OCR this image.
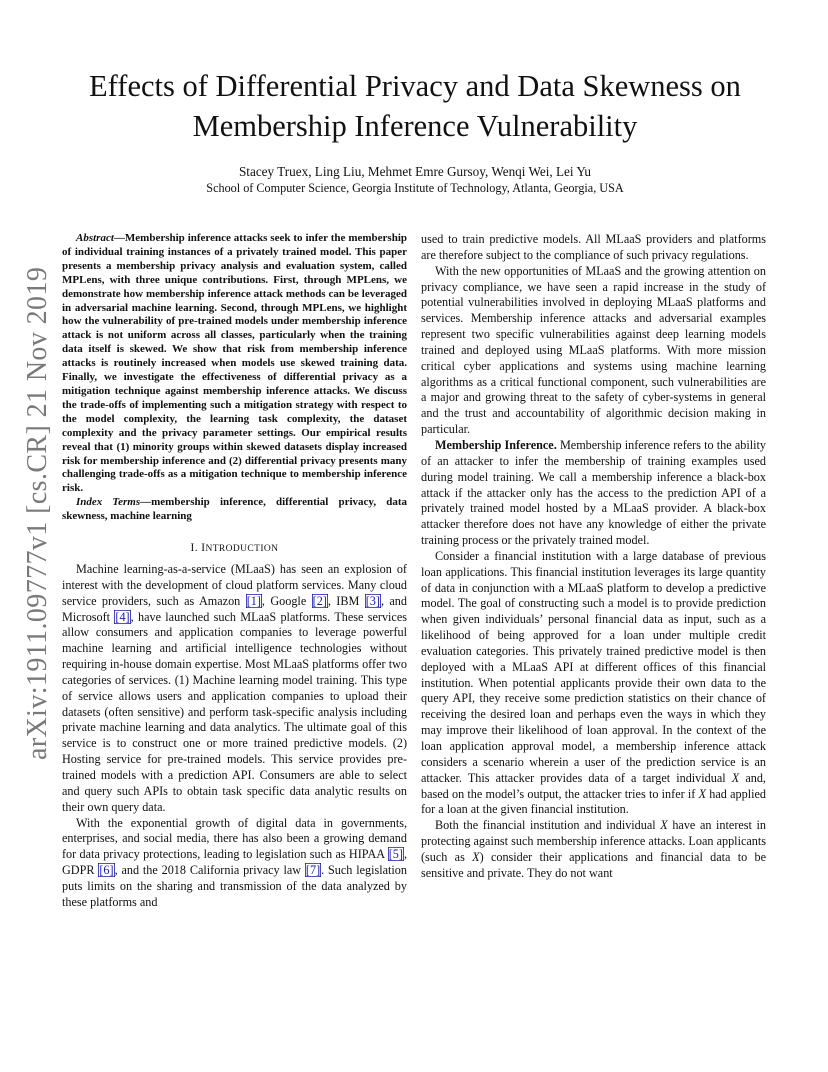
arXiv:1911.09777v1 [cs.CR] 21 Nov 2019
Effects of Differential Privacy and Data Skewness on Membership Inference Vulnerability
Stacey Truex, Ling Liu, Mehmet Emre Gursoy, Wenqi Wei, Lei Yu
School of Computer Science, Georgia Institute of Technology, Atlanta, Georgia, USA

Abstract—Membership inference attacks seek to infer the membership of individual training instances of a privately trained model. This paper presents a membership privacy analysis and evaluation system, called MPLens, with three unique contributions. First, through MPLens, we demonstrate how membership inference attack methods can be leveraged in adversarial machine learning. Second, through MPLens, we highlight how the vulnerability of pre-trained models under membership inference attack is not uniform across all classes, particularly when the training data itself is skewed. We show that risk from membership inference attacks is routinely increased when models use skewed training data. Finally, we investigate the effectiveness of differential privacy as a mitigation technique against membership inference attacks. We discuss the trade-offs of implementing such a mitigation strategy with respect to the model complexity, the learning task complexity, the dataset complexity and the privacy parameter settings. Our empirical results reveal that (1) minority groups within skewed datasets display increased risk for membership inference and (2) differential privacy presents many challenging trade-offs as a mitigation technique to membership inference risk.

Index Terms—membership inference, differential privacy, data skewness, machine learning

I. INTRODUCTION

Machine learning-as-a-service (MLaaS) has seen an explosion of interest with the development of cloud platform services. Many cloud service providers, such as Amazon [ 1 ] , Google [ 2 ] , IBM [ 3 ] , and Microsoft [ 4 ] , have launched such MLaaS platforms. These services allow consumers and application companies to leverage powerful machine learning and artificial intelligence technologies without requiring in-house domain expertise. Most MLaaS platforms offer two categories of services. (1) Machine learning model training. This type of service allows users and application companies to upload their datasets (often sensitive) and perform task-specific analysis including private machine learning and data analytics. The ultimate goal of this service is to construct one or more trained predictive models. (2) Hosting service for pre-trained models. This service provides pre-trained models with a prediction API. Consumers are able to select and query such APIs to obtain task specific data analytic results on their own query data.

With the exponential growth of digital data in governments, enterprises, and social media, there has also been a growing demand for data privacy protections, leading to legislation such as HIPAA [ 5 ] , GDPR [ 6 ] , and the 2018 California privacy law [ 7 ] . Such legislation puts limits on the sharing and transmission of the data analyzed by these platforms and

used to train predictive models. All MLaaS providers and platforms are therefore subject to the compliance of such privacy regulations.

With the new opportunities of MLaaS and the growing attention on privacy compliance, we have seen a rapid increase in the study of potential vulnerabilities involved in deploying MLaaS platforms and services. Membership inference attacks and adversarial examples represent two specific vulnerabilities against deep learning models trained and deployed using MLaaS platforms. With more mission critical cyber applications and systems using machine learning algorithms as a critical functional component, such vulnerabilities are a major and growing threat to the safety of cyber-systems in general and the trust and accountability of algorithmic decision making in particular.

Membership Inference. Membership inference refers to the ability of an attacker to infer the membership of training examples used during model training. We call a membership inference a black-box attack if the attacker only has the access to the prediction API of a privately trained model hosted by a MLaaS provider. A black-box attacker therefore does not have any knowledge of either the private training process or the privately trained model.

Consider a financial institution with a large database of previous loan applications. This financial institution leverages its large quantity of data in conjunction with a MLaaS platform to develop a predictive model. The goal of constructing such a model is to provide prediction when given individuals’ personal financial data as input, such as a likelihood of being approved for a loan under multiple credit evaluation categories. This privately trained predictive model is then deployed with a MLaaS API at different offices of this financial institution. When potential applicants provide their own data to the query API, they receive some prediction statistics on their chance of receiving the desired loan and perhaps even the ways in which they may improve their likelihood of loan approval. In the context of the loan application approval model, a membership inference attack considers a scenario wherein a user of the prediction service is an attacker. This attacker provides data of a target individual X and, based on the model’s output, the attacker tries to infer if X had applied for a loan at the given financial institution.

Both the financial institution and individual X have an interest in protecting against such membership inference attacks. Loan applicants (such as X) consider their applications and financial data to be sensitive and private. They do not want
